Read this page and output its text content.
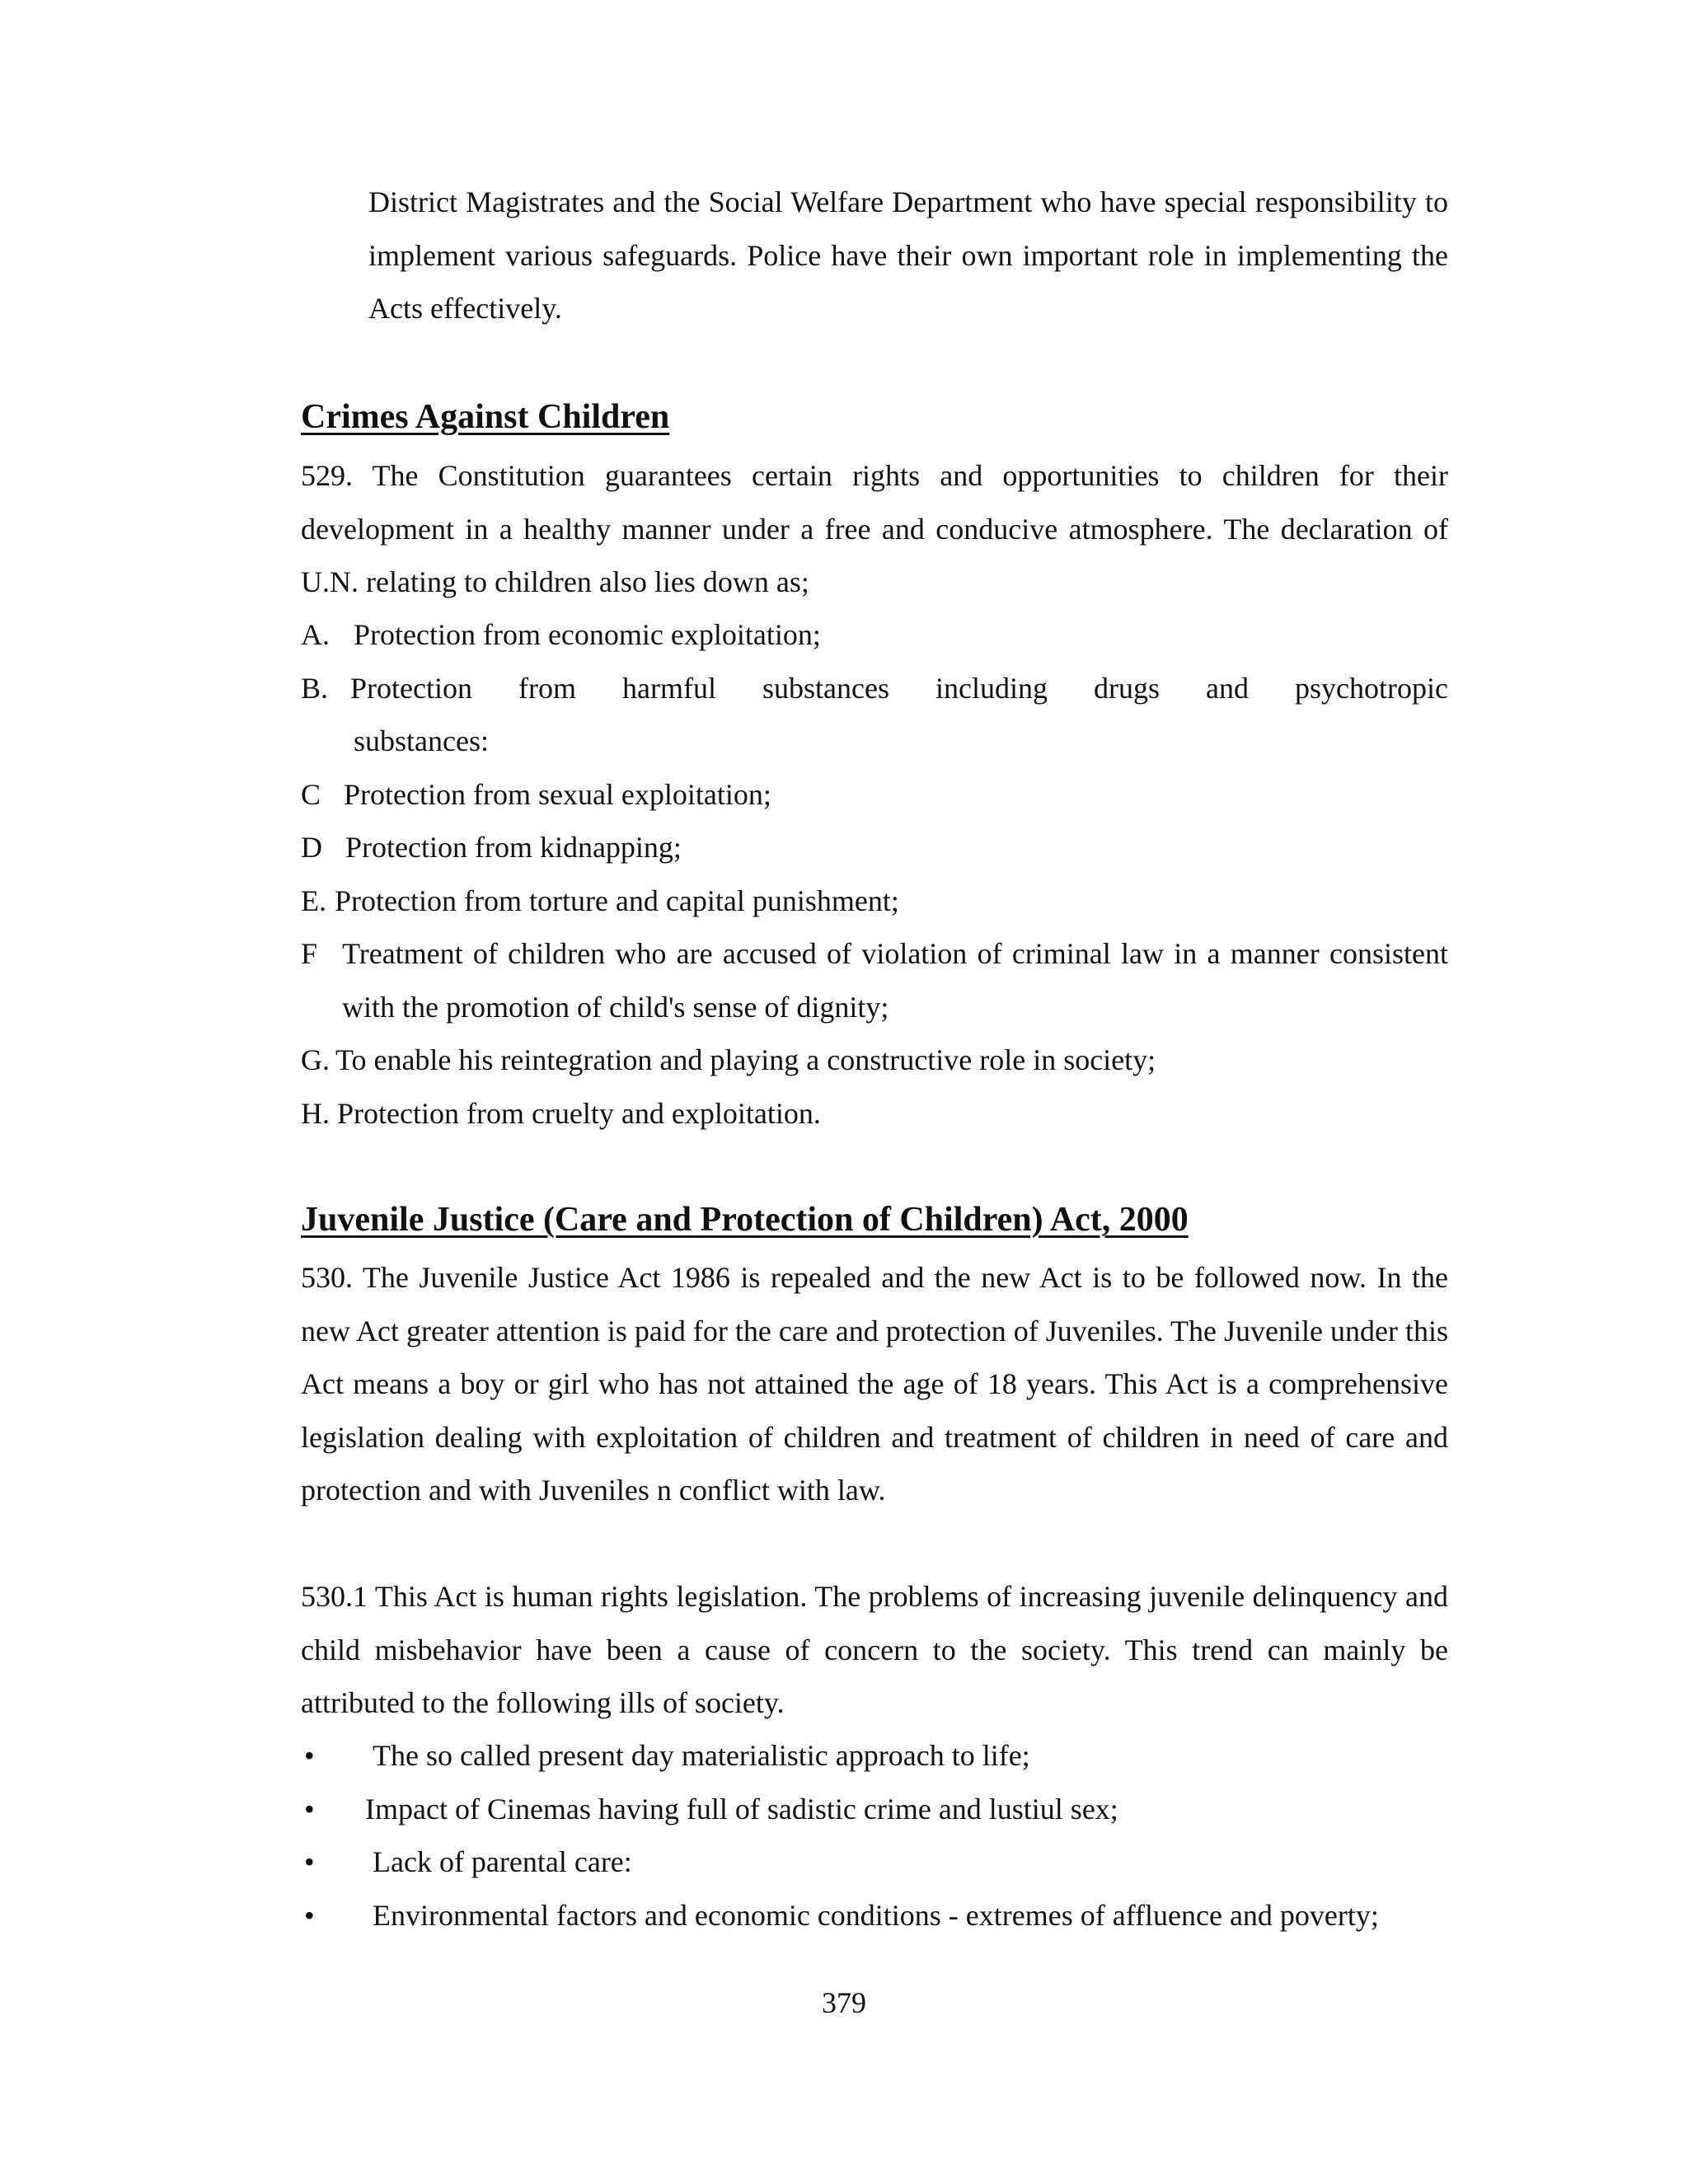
District Magistrates and the Social Welfare Department who have special responsibility to implement various safeguards. Police have their own important role in implementing the Acts effectively.
Crimes Against Children
529. The Constitution guarantees certain rights and opportunities to children for their development in a healthy manner under a free and conducive atmosphere. The declaration of U.N. relating to children also lies down as;
A. Protection from economic exploitation;
B. Protection from harmful substances including drugs and psychotropic
substances:
C Protection from sexual exploitation;
D Protection from kidnapping;
E. Protection from torture and capital punishment;
F Treatment of children who are accused of violation of criminal law in a manner consistent
with the promotion of child's sense of dignity;
G. To enable his reintegration and playing a constructive role in society;
H. Protection from cruelty and exploitation.
Juvenile Justice (Care and Protection of Children) Act, 2000
530. The Juvenile Justice Act 1986 is repealed and the new Act is to be followed now. In the new Act greater attention is paid for the care and protection of Juveniles. The Juvenile under this Act means a boy or girl who has not attained the age of 18 years. This Act is a comprehensive legislation dealing with exploitation of children and treatment of children in need of care and protection and with Juveniles n conflict with law.
530.1 This Act is human rights legislation. The problems of increasing juvenile delinquency and child misbehavior have been a cause of concern to the society. This trend can mainly be attributed to the following ills of society.
• The so called present day materialistic approach to life;
• Impact of Cinemas having full of sadistic crime and lustiul sex;
• Lack of parental care:
• Environmental factors and economic conditions - extremes of affluence and poverty;
379
